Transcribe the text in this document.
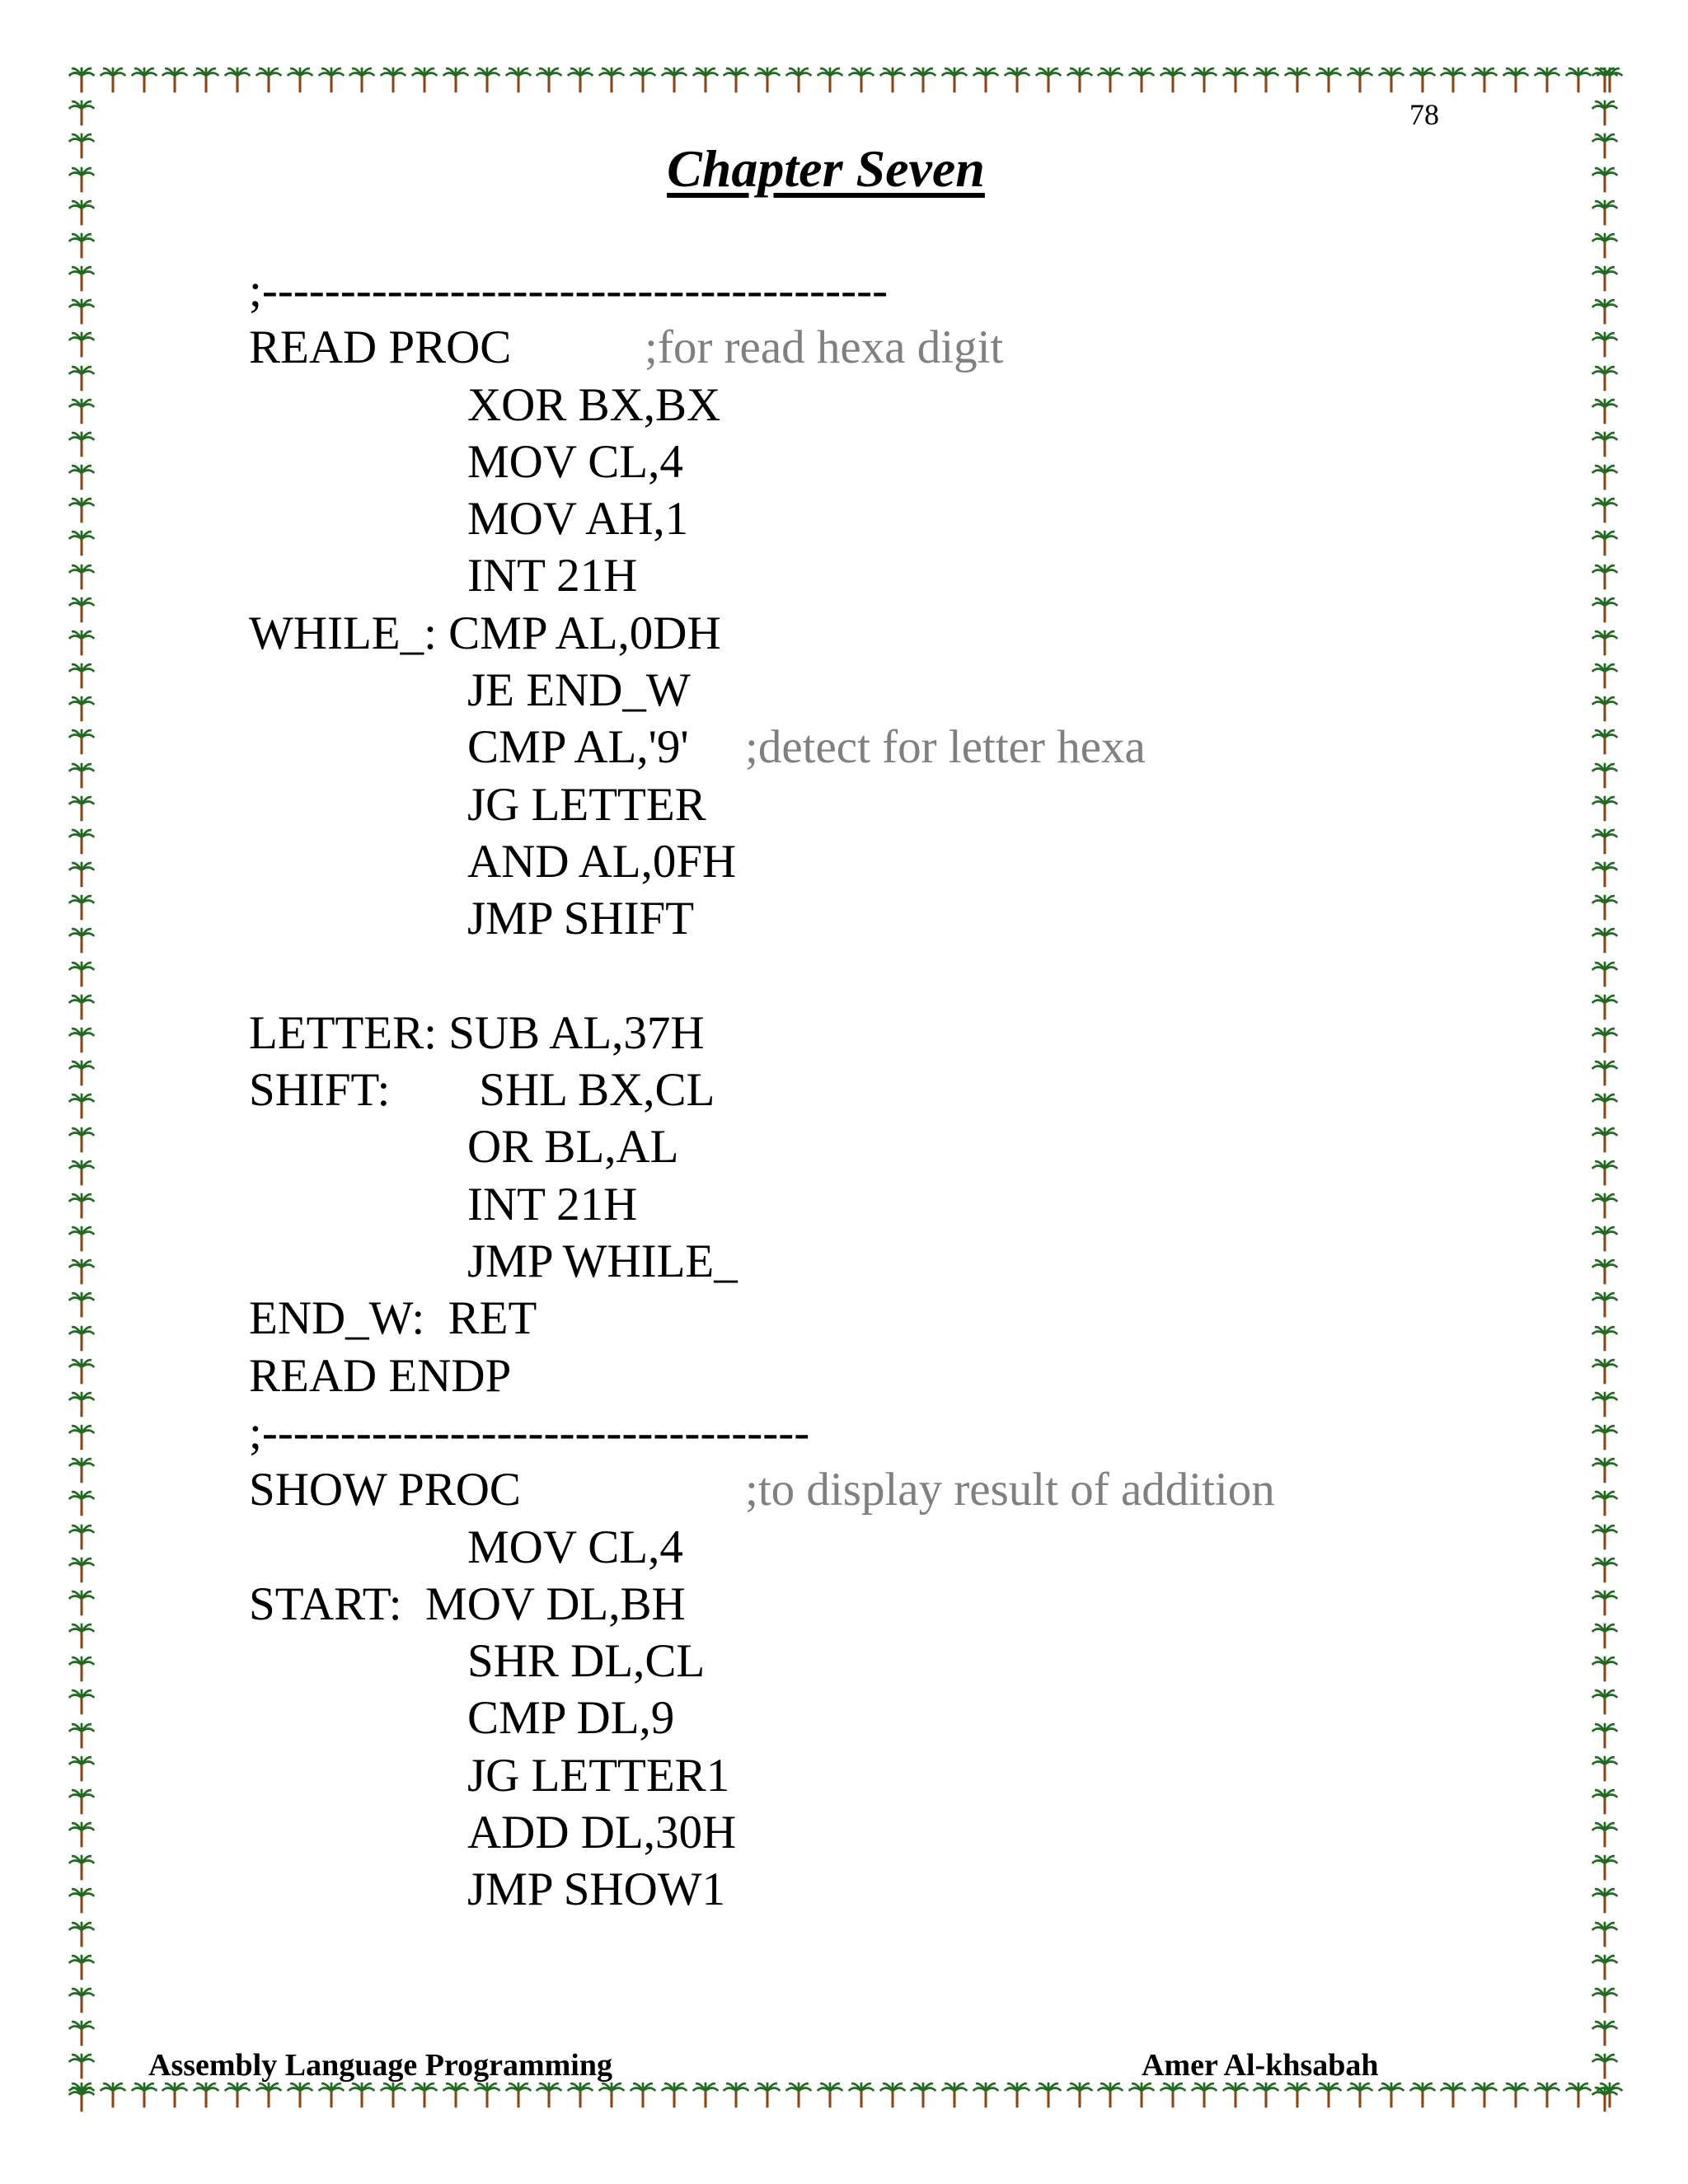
78
Chapter Seven
;----------------------------------------
READ PROC	;for read hexa digit
XOR BX,BX
MOV CL,4
MOV AH,1
INT 21H
WHILE_: CMP AL,0DH
JE END_W
CMP AL,'9' ;detect for letter hexa
JG LETTER
AND AL,0FH
JMP SHIFT
LETTER: SUB AL,37H
SHIFT: SHL BX,CL
OR BL,AL
INT 21H
JMP WHILE_
END_W:  RET
READ ENDP
;-----------------------------------
SHOW PROC	;to display result of addition
MOV CL,4
START:  MOV DL,BH
SHR DL,CL
CMP DL,9
JG LETTER1
ADD DL,30H
JMP SHOW1
Assembly Language Programming	Amer Al-khsabah
